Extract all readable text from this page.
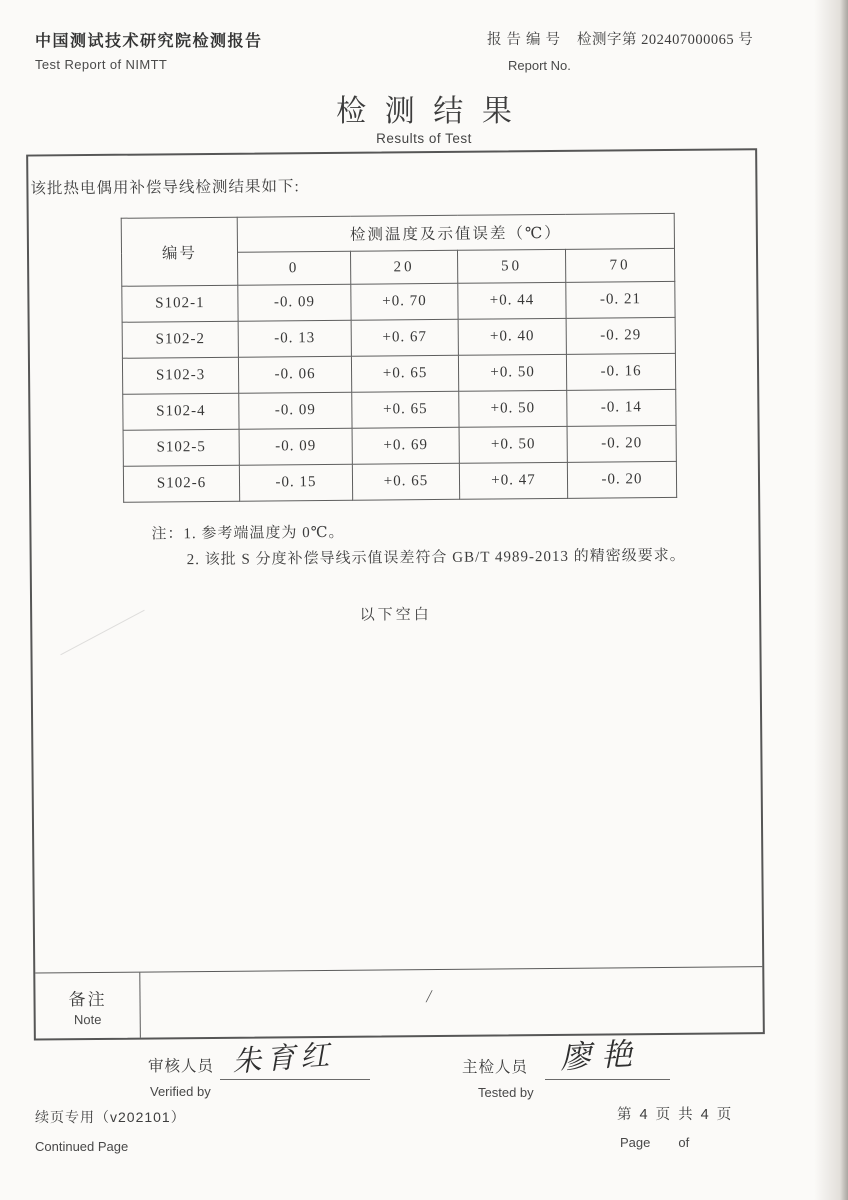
中国测试技术研究院检测报告
Test Report of NIMTT
报告编号 检测字第 202407000065 号
Report No.
检测结果
Results of Test
该批热电偶用补偿导线检测结果如下:
编号	检测温度及示值误差（℃）			
	0	20	50	70
S102-1	-0. 09	+0. 70	+0. 44	-0. 21
S102-2	-0. 13	+0. 67	+0. 40	-0. 29
S102-3	-0. 06	+0. 65	+0. 50	-0. 16
S102-4	-0. 09	+0. 65	+0. 50	-0. 14
S102-5	-0. 09	+0. 69	+0. 50	-0. 20
S102-6	-0. 15	+0. 65	+0. 47	-0. 20
注：1. 参考端温度为 0℃。
2. 该批 S 分度补偿导线示值误差符合 GB/T 4989-2013 的精密级要求。
以下空白
备注
Note
/
审核人员
Verified by
朱育红	主检人员
Tested by
廖艳
续页专用（v202101）
Continued Page
第 4 页 共 4 页
Page of
